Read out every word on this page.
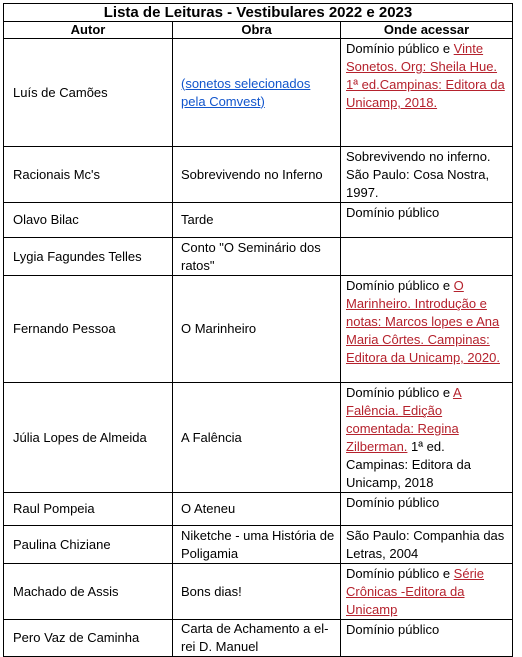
Lista de Leituras - Vestibulares 2022 e 2023		
Autor	Obra	Onde acessar
Luís de Camões	(sonetos selecionados pela Comvest)	Domínio público e Vinte Sonetos. Org: Sheila Hue. 1ª ed.Campinas: Editora da Unicamp, 2018.
Racionais Mc's	Sobrevivendo no Inferno	Sobrevivendo no inferno. São Paulo: Cosa Nostra, 1997.
Olavo Bilac	Tarde	Domínio público
Lygia Fagundes Telles	Conto "O Seminário dos ratos"	
Fernando Pessoa	O Marinheiro	Domínio público e O Marinheiro. Introdução e notas: Marcos lopes e Ana Maria Côrtes. Campinas: Editora da Unicamp, 2020.
Júlia Lopes de Almeida	A Falência	Domínio público e A Falência. Edição comentada: Regina Zilberman. 1ª ed. Campinas: Editora da Unicamp, 2018
Raul Pompeia	O Ateneu	Domínio público
Paulina Chiziane	Niketche - uma História de Poligamia	São Paulo: Companhia das Letras, 2004
Machado de Assis	Bons dias!	Domínio público e Série Crônicas -Editora da Unicamp
Pero Vaz de Caminha	Carta de Achamento a el-rei D. Manuel	Domínio público
